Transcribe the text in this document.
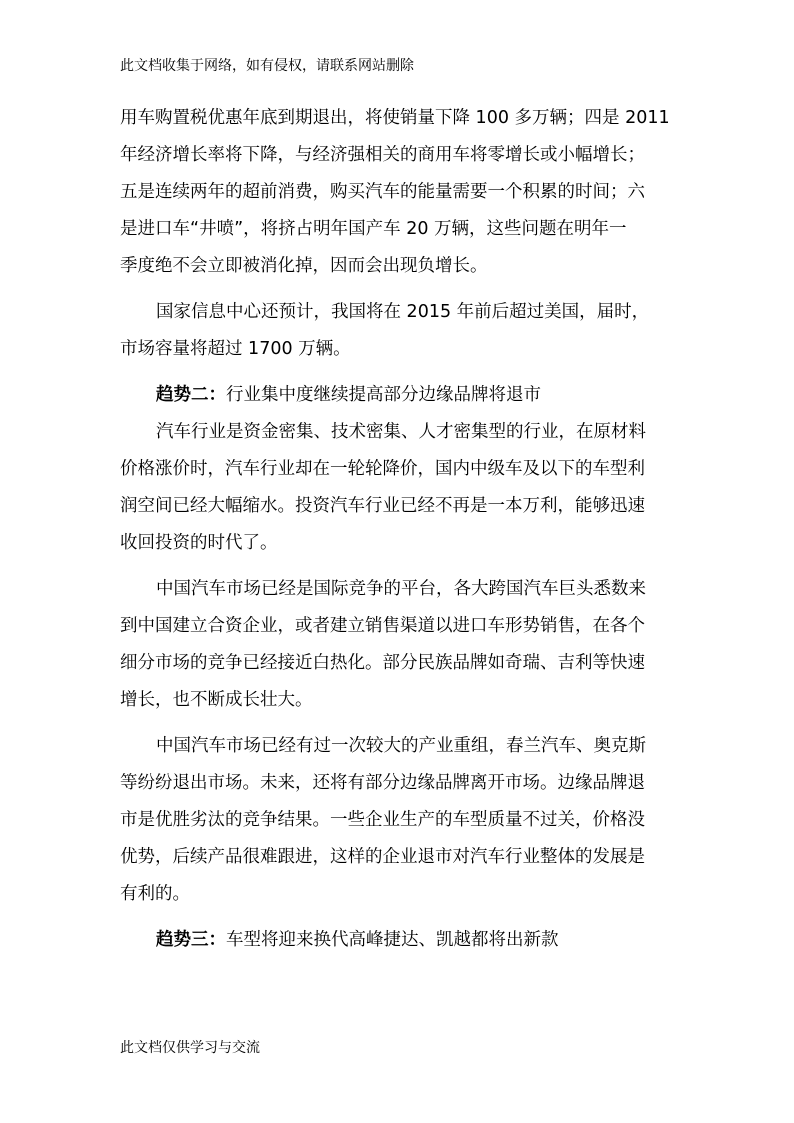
此文档收集于网络，如有侵权，请联系网站删除
用车购置税优惠年底到期退出，将使销量下降 100 多万辆；四是 2011
年经济增长率将下降，与经济强相关的商用车将零增长或小幅增长；
五是连续两年的超前消费，购买汽车的能量需要一个积累的时间；六
是进口车“井喷”，将挤占明年国产车 20 万辆，这些问题在明年一
季度绝不会立即被消化掉，因而会出现负增长。
国家信息中心还预计，我国将在 2015 年前后超过美国，届时，
市场容量将超过 1700 万辆。
趋势二：行业集中度继续提高部分边缘品牌将退市
汽车行业是资金密集、技术密集、人才密集型的行业，在原材料
价格涨价时，汽车行业却在一轮轮降价，国内中级车及以下的车型利
润空间已经大幅缩水。投资汽车行业已经不再是一本万利，能够迅速
收回投资的时代了。
中国汽车市场已经是国际竞争的平台，各大跨国汽车巨头悉数来
到中国建立合资企业，或者建立销售渠道以进口车形势销售，在各个
细分市场的竞争已经接近白热化。部分民族品牌如奇瑞、吉利等快速
增长，也不断成长壮大。
中国汽车市场已经有过一次较大的产业重组，春兰汽车、奥克斯
等纷纷退出市场。未来，还将有部分边缘品牌离开市场。边缘品牌退
市是优胜劣汰的竞争结果。一些企业生产的车型质量不过关，价格没
优势，后续产品很难跟进，这样的企业退市对汽车行业整体的发展是
有利的。
趋势三：车型将迎来换代高峰捷达、凯越都将出新款
此文档仅供学习与交流
